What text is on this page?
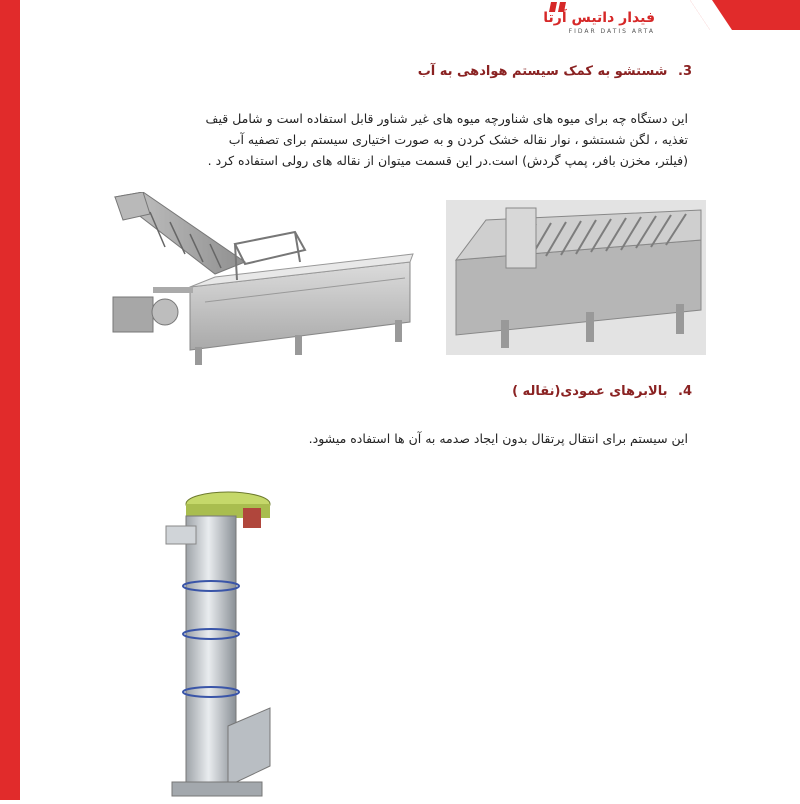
فیدار داتیس آرتا
FIDAR DATIS ARTA
3. شستشو به کمک سیستم هوادهی به آب
این دستگاه چه برای میوه های شناورچه میوه های غیر شناور قابل استفاده است و شامل قیف
تغذیه ، لگن شستشو ، نوار نقاله خشک کردن و به صورت اختیاری سیستم برای تصفیه آب
(فیلتر، مخزن بافر، پمپ گردش) است.در این قسمت میتوان از نقاله های رولی استفاده کرد .
4. بالابرهای عمودی(نقاله )
این سیستم برای انتقال پرتقال بدون ایجاد صدمه به آن ها استفاده میشود.
